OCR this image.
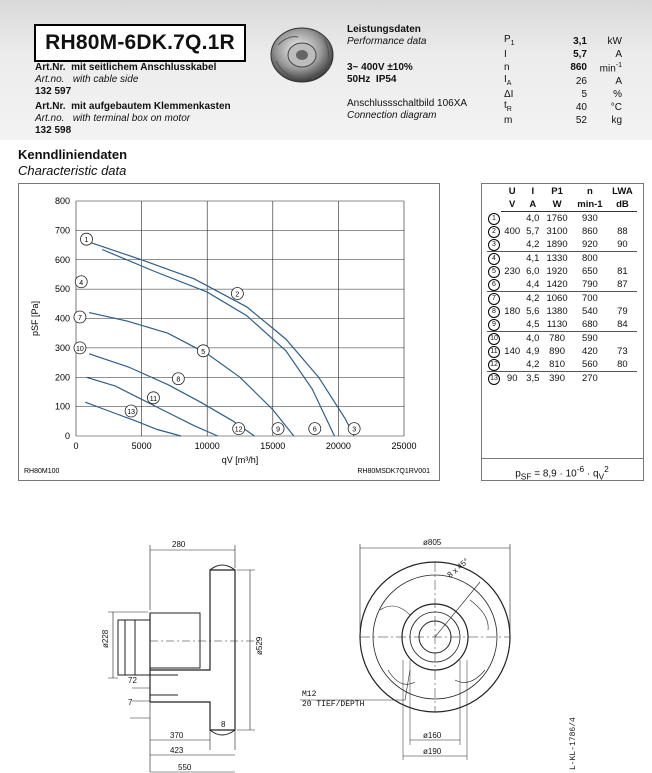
RH80M-6DK.7Q.1R
Art.Nr. mit seitlichem Anschlusskabel
Art.no. with cable side
132 597
Art.Nr. mit aufgebautem Klemmenkasten
Art.no. with terminal box on motor
132 598
Leistungsdaten
Performance data
3~ 400V ±10%
50Hz IP54
Anschlussschaltbild 106XA
Connection diagram
$P_1$	3,1	kW
I	5,7	A
n	860	$\min^{-1}$
$I_A$	26	A
ΔI	5	%
$t_R$	40	°C
m	52	kg
Kenndliniendaten
Characteristic data
0
100
200
300
400
500
600
700
800
0	5000	10000	15000	20000	25000
pSF [Pa]
qV [m³/h]
RH80M100	RH80MSDK7Q1RV001
1
2
5
8
11
13
4
7
10
12	9	6	3
	U	I	P1	n	LWA
	V	A	W	min-1	dB
1		4,0	1760	930	
2	400	5,7	3100	860	88
3		4,2	1890	920	90
4		4,1	1330	800	
5	230	6,0	1920	650	81
6		4,4	1420	790	87
7		4,2	1060	700	
8	180	5,6	1380	540	79
9		4,5	1130	680	84
10		4,0	780	590	
11	140	4,9	890	420	73
12		4,2	810	560	80
13	90	3,5	390	270	
$p_{SF} = 8,9 \cdot 10^{-6} \cdot q_V^2$
280
ø228	ø529
72
7
8
370
423
550
ø805
8 x 45°
ø160
ø190
M12
20 TIEF/DEPTH
L-KL-1786/4
